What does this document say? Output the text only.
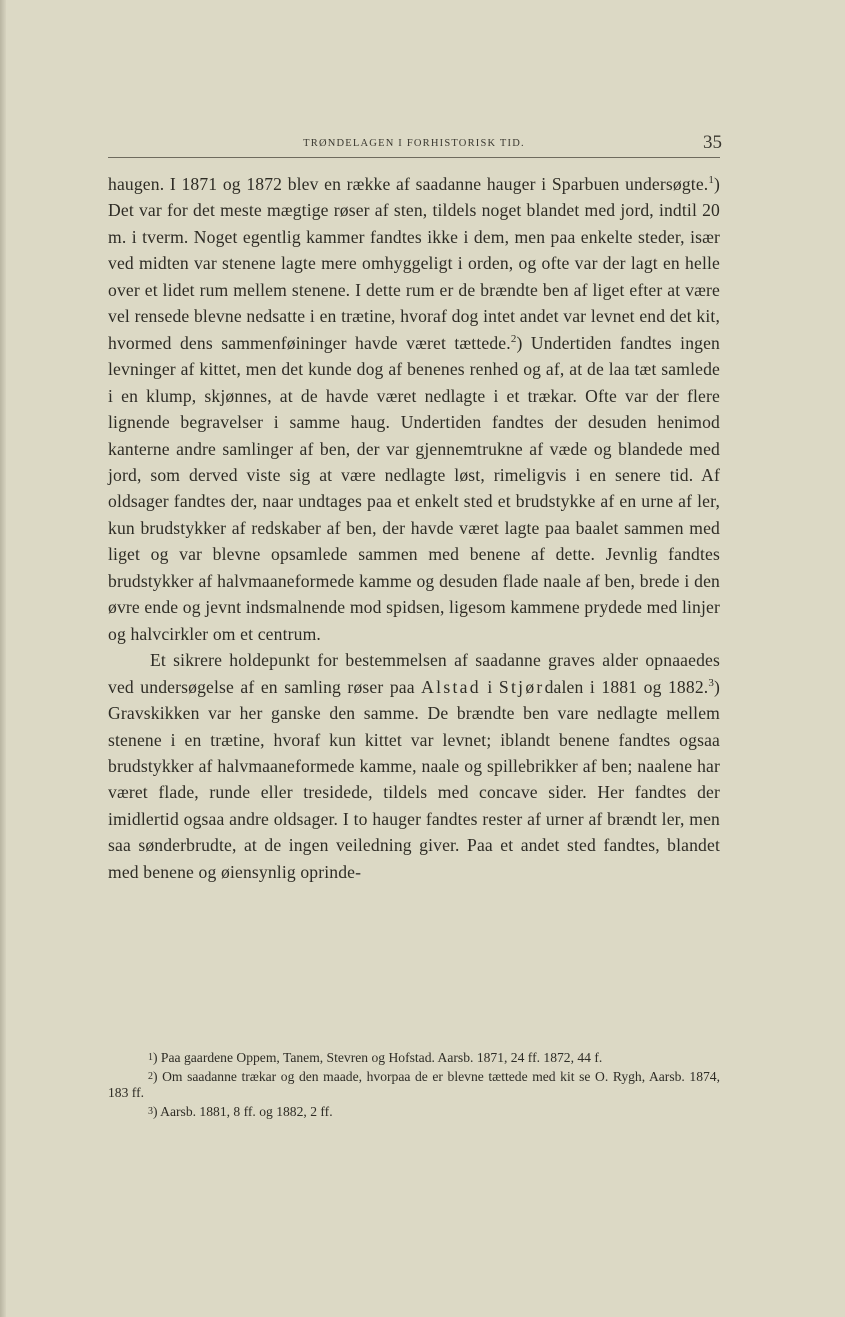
TRØNDELAGEN I FORHISTORISK TID.	35

haugen. I 1871 og 1872 blev en række af saadanne hauger i Sparbuen undersøgte.$^1$) Det var for det meste mægtige røser af sten, tildels noget blandet med jord, indtil 20 m. i tverm. Noget egentlig kammer fandtes ikke i dem, men paa enkelte steder, især ved midten var stenene lagte mere omhyggeligt i orden, og ofte var der lagt en helle over et lidet rum mellem stenene. I dette rum er de brændte ben af liget efter at være vel rensede blevne nedsatte i en trætine, hvoraf dog intet andet var levnet end det kit, hvormed dens sammenføininger havde været tættede.$^2$) Undertiden fandtes ingen levninger af kittet, men det kunde dog af benenes renhed og af, at de laa tæt samlede i en klump, skjønnes, at de havde været nedlagte i et trækar. Ofte var der flere lignende begravelser i samme haug. Undertiden fandtes der desuden henimod kanterne andre samlinger af ben, der var gjennemtrukne af væde og blandede med jord, som derved viste sig at være nedlagte løst, rimeligvis i en senere tid. Af oldsager fandtes der, naar undtages paa et enkelt sted et brudstykke af en urne af ler, kun brudstykker af redskaber af ben, der havde været lagte paa baalet sammen med liget og var blevne opsamlede sammen med benene af dette. Jevnlig fandtes brudstykker af halvmaaneformede kamme og desuden flade naale af ben, brede i den øvre ende og jevnt indsmalnende mod spidsen, ligesom kammene prydede med linjer og halvcirkler om et centrum.

Et sikrere holdepunkt for bestemmelsen af saadanne graves alder opnaaedes ved undersøgelse af en samling røser paa Alstad i Stjørdalen i 1881 og 1882.$^3$) Gravskikken var her ganske den samme. De brændte ben vare nedlagte mellem stenene i en trætine, hvoraf kun kittet var levnet; iblandt benene fandtes ogsaa brudstykker af halvmaaneformede kamme, naale og spillebrikker af ben; naalene har været flade, runde eller tresidede, tildels med concave sider. Her fandtes der imidlertid ogsaa andre oldsager. I to hauger fandtes rester af urner af brændt ler, men saa sønderbrudte, at de ingen veiledning giver. Paa et andet sted fandtes, blandet med benene og øiensynlig oprinde-

$^1$) Paa gaardene Oppem, Tanem, Stevren og Hofstad. Aarsb. 1871, 24 ff. 1872, 44 f.

$^2$) Om saadanne trækar og den maade, hvorpaa de er blevne tættede med kit se O. Rygh, Aarsb. 1874, 183 ff.

$^3$) Aarsb. 1881, 8 ff. og 1882, 2 ff.
